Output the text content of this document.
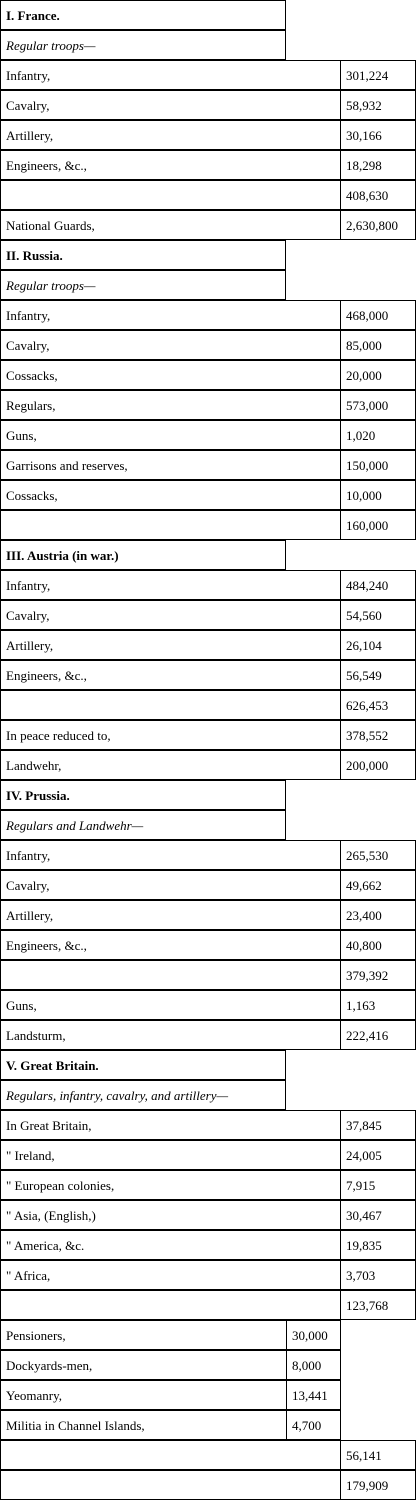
I. France.
Regular troops—
Infantry,	301,224
Cavalry,	58,932
Artillery,	30,166
Engineers, &c.,	18,298
408,630
National Guards,	2,630,800
II. Russia.
Regular troops—
Infantry,	468,000
Cavalry,	85,000
Cossacks,	20,000
Regulars,	573,000
Guns,	1,020
Garrisons and reserves,	150,000
Cossacks,	10,000
160,000
III. Austria (in war.)
Infantry,	484,240
Cavalry,	54,560
Artillery,	26,104
Engineers, &c.,	56,549
626,453
In peace reduced to,	378,552
Landwehr,	200,000
IV. Prussia.
Regulars and Landwehr—
Infantry,	265,530
Cavalry,	49,662
Artillery,	23,400
Engineers, &c.,	40,800
379,392
Guns,	1,163
Landsturm,	222,416
V. Great Britain.
Regulars, infantry, cavalry, and artillery—
In Great Britain,	37,845
" Ireland,	24,005
" European colonies,	7,915
" Asia, (English,)	30,467
" America, &c.	19,835
" Africa,	3,703
123,768
Pensioners,	30,000
Dockyards-men,	8,000
Yeomanry,	13,441
Militia in Channel Islands,	4,700
56,141
179,909
